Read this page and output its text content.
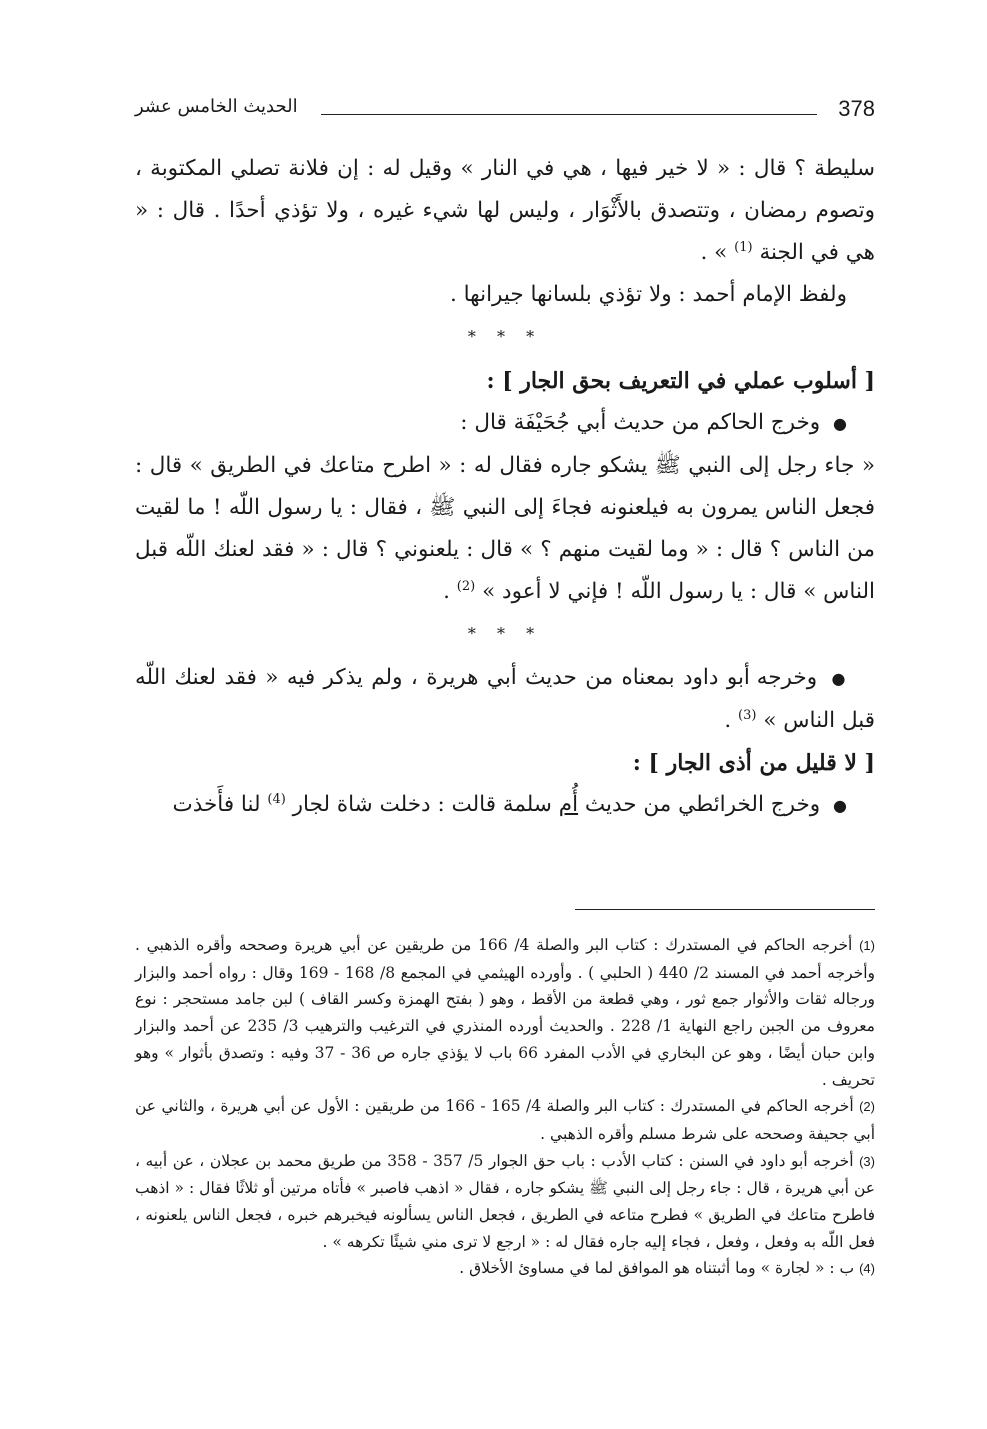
378
الحديث الخامس عشر

سليطة ؟ قال : « لا خير فيها ، هي في النار » وقيل له : إن فلانة تصلي المكتوبة ، وتصوم رمضان ، وتتصدق بالأَثْوَار ، وليس لها شيء غيره ، ولا تؤذي أحدًا . قال : « هي في الجنة $^{(1)}$ » .

ولفظ الإمام أحمد : ولا تؤذي بلسانها جيرانها .

* * *

[ أسلوب عملي في التعريف بحق الجار ] :

● وخرج الحاكم من حديث أبي جُحَيْفَة قال :

« جاء رجل إلى النبي ﷺ يشكو جاره فقال له : « اطرح متاعك في الطريق » قال : فجعل الناس يمرون به فيلعنونه فجاءَ إلى النبي ﷺ ، فقال : يا رسول اللّه ! ما لقيت من الناس ؟ قال : « وما لقيت منهم ؟ » قال : يلعنوني ؟ قال : « فقد لعنك اللّه قبل الناس » قال : يا رسول اللّه ! فإني لا أعود » $^{(2)}$ .

* * *

● وخرجه أبو داود بمعناه من حديث أبي هريرة ، ولم يذكر فيه « فقد لعنك اللّه قبل الناس » $^{(3)}$ .

[ لا قليل من أذى الجار ] :

● وخرج الخرائطي من حديث أُم سلمة قالت : دخلت شاة لجار $^{(4)}$ لنا فأَخذت

(1) أخرجه الحاكم في المستدرك : كتاب البر والصلة 4/ 166 من طريقين عن أبي هريرة وصححه وأقره الذهبي . وأخرجه أحمد في المسند 2/ 440 ( الحلبي ) . وأورده الهيثمي في المجمع 8/ 168 - 169 وقال : رواه أحمد والبزار ورجاله ثقات والأثوار جمع ثور ، وهي قطعة من الأقط ، وهو ( بفتح الهمزة وكسر القاف ) لبن جامد مستحجر : نوع معروف من الجبن راجع النهاية 1/ 228 . والحديث أورده المنذري في الترغيب والترهيب 3/ 235 عن أحمد والبزار وابن حبان أيضًا ، وهو عن البخاري في الأدب المفرد 66 باب لا يؤذي جاره ص 36 - 37 وفيه : وتصدق بأثوار » وهو تحريف .

(2) أخرجه الحاكم في المستدرك : كتاب البر والصلة 4/ 165 - 166 من طريقين : الأول عن أبي هريرة ، والثاني عن أبي جحيفة وصححه على شرط مسلم وأقره الذهبي .

(3) أخرجه أبو داود في السنن : كتاب الأدب : باب حق الجوار 5/ 357 - 358 من طريق محمد بن عجلان ، عن أبيه ، عن أبي هريرة ، قال : جاء رجل إلى النبي ﷺ يشكو جاره ، فقال « اذهب فاصبر » فأتاه مرتين أو ثلاثًا فقال : « اذهب فاطرح متاعك في الطريق » فطرح متاعه في الطريق ، فجعل الناس يسألونه فيخبرهم خبره ، فجعل الناس يلعنونه ، فعل اللّه به وفعل ، وفعل ، فجاء إليه جاره فقال له : « ارجع لا ترى مني شيئًا تكرهه » .

(4) ب : « لجارة » وما أثبتناه هو الموافق لما في مساوئ الأخلاق .
